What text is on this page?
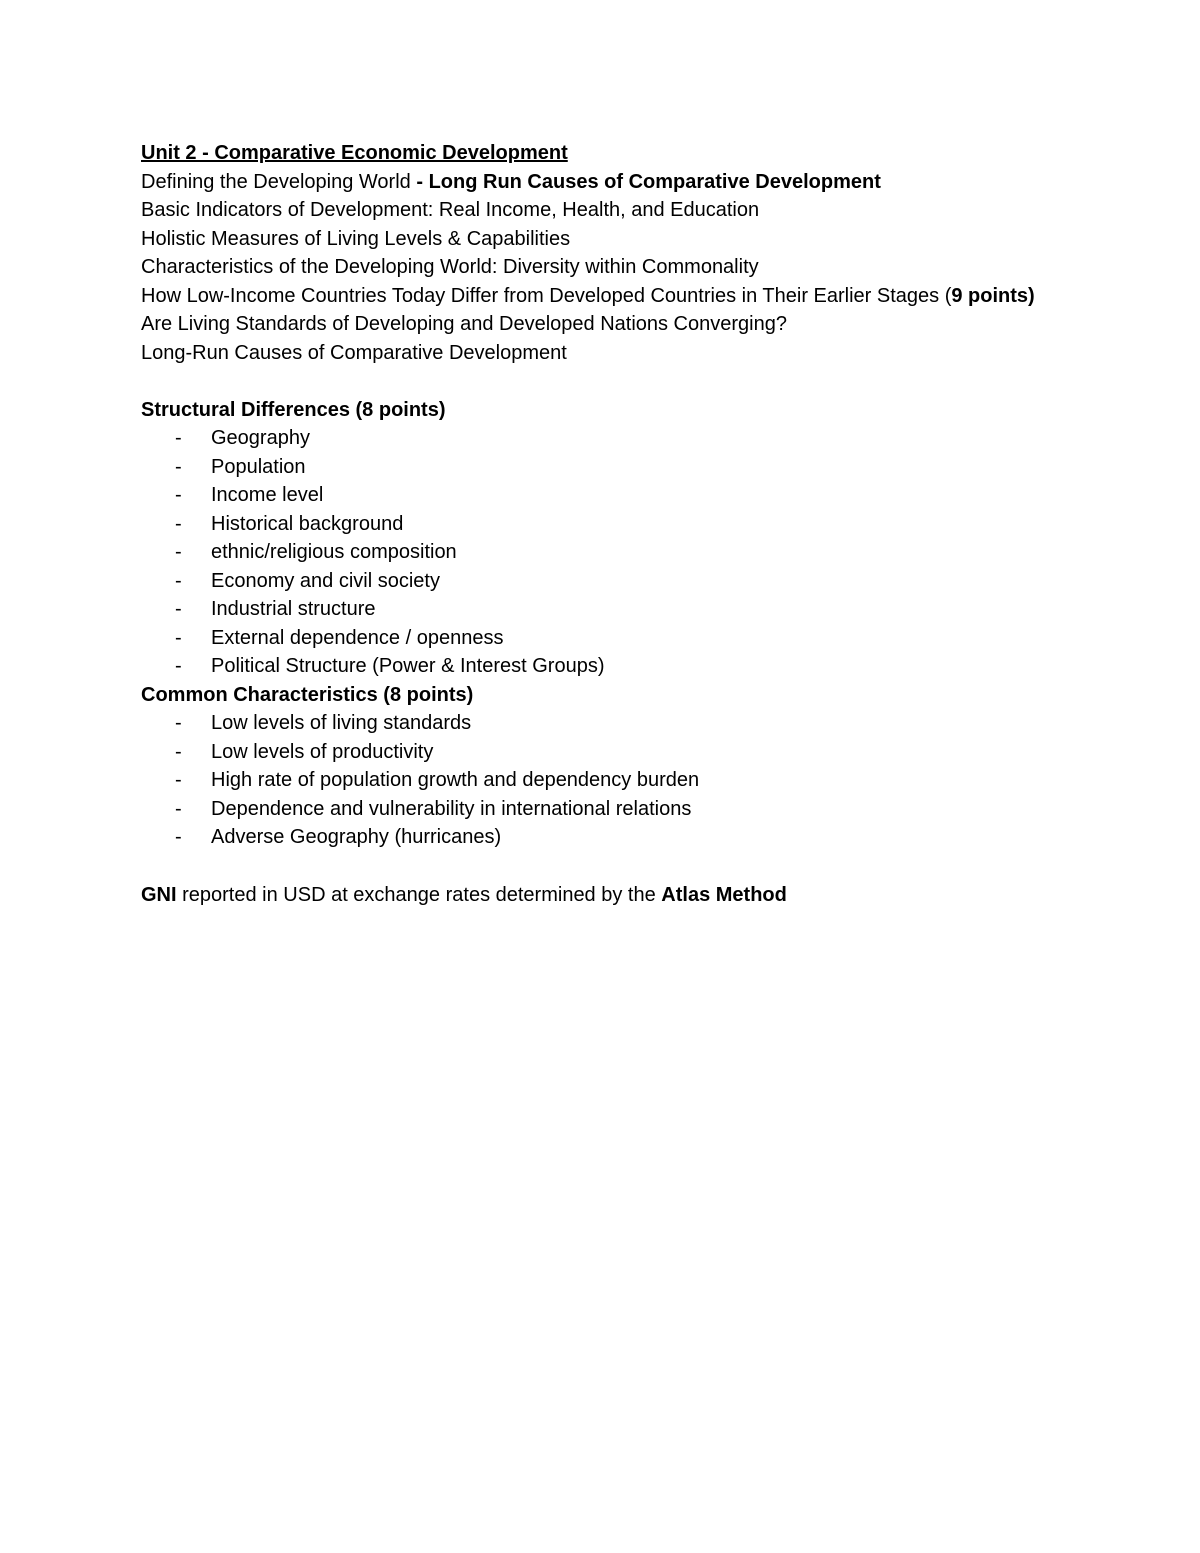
Unit 2 - Comparative Economic Development

Defining the Developing World - Long Run Causes of Comparative Development

Basic Indicators of Development: Real Income, Health, and Education

Holistic Measures of Living Levels & Capabilities

Characteristics of the Developing World: Diversity within Commonality

How Low-Income Countries Today Differ from Developed Countries in Their Earlier Stages (9 points)

Are Living Standards of Developing and Developed Nations Converging?

Long-Run Causes of Comparative Development

Structural Differences (8 points)

- Geography
- Population
- Income level
- Historical background
- ethnic/religious composition
- Economy and civil society
- Industrial structure
- External dependence / openness
- Political Structure (Power & Interest Groups)

Common Characteristics (8 points)

- Low levels of living standards
- Low levels of productivity
- High rate of population growth and dependency burden
- Dependence and vulnerability in international relations
- Adverse Geography (hurricanes)

GNI reported in USD at exchange rates determined by the Atlas Method
